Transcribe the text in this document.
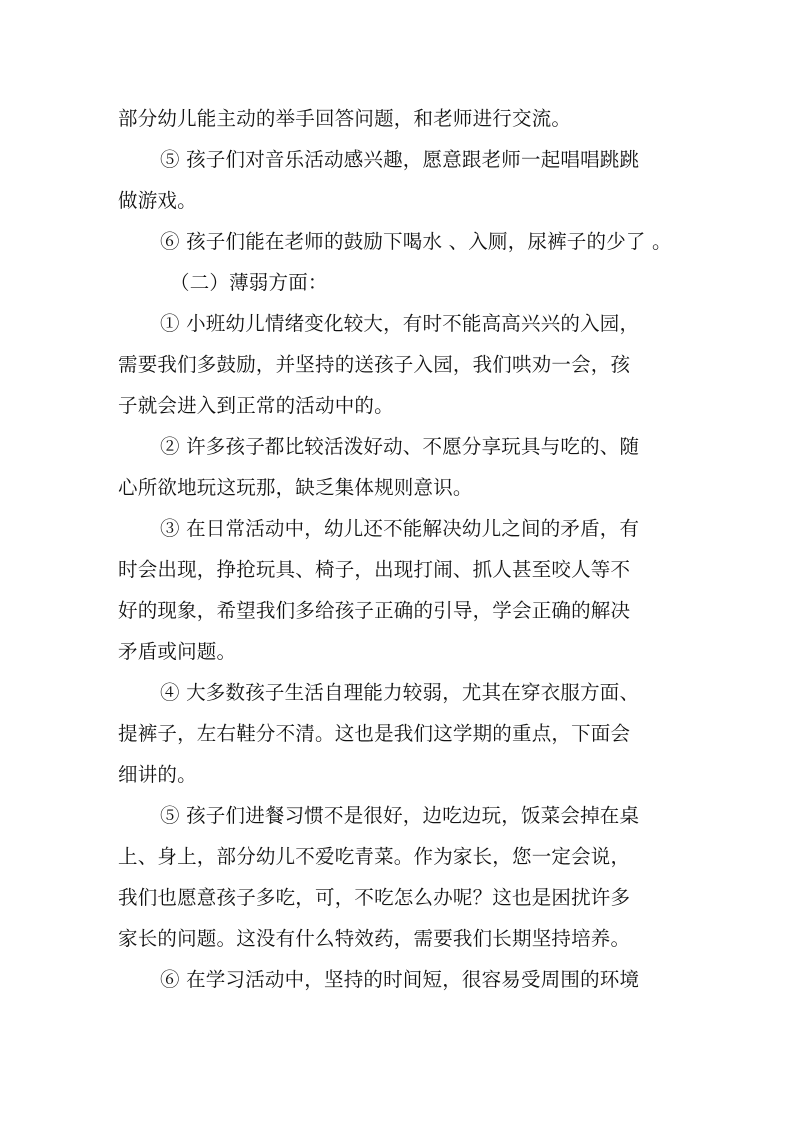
部分幼儿能主动的举手回答问题，和老师进行交流。
⑤ 孩子们对音乐活动感兴趣，愿意跟老师一起唱唱跳跳
做游戏。
⑥ 孩子们能在老师的鼓励下喝水 、入厕，尿裤子的少了 。
（二）薄弱方面：
① 小班幼儿情绪变化较大，有时不能高高兴兴的入园，
需要我们多鼓励，并坚持的送孩子入园，我们哄劝一会，孩
子就会进入到正常的活动中的。
② 许多孩子都比较活泼好动、不愿分享玩具与吃的、随
心所欲地玩这玩那，缺乏集体规则意识。
③ 在日常活动中，幼儿还不能解决幼儿之间的矛盾，有
时会出现，挣抢玩具、椅子，出现打闹、抓人甚至咬人等不
好的现象，希望我们多给孩子正确的引导，学会正确的解决
矛盾或问题。
④ 大多数孩子生活自理能力较弱，尤其在穿衣服方面、
提裤子，左右鞋分不清。这也是我们这学期的重点，下面会
细讲的。
⑤ 孩子们进餐习惯不是很好，边吃边玩，饭菜会掉在桌
上、身上，部分幼儿不爱吃青菜。作为家长，您一定会说，
我们也愿意孩子多吃，可，不吃怎么办呢？这也是困扰许多
家长的问题。这没有什么特效药，需要我们长期坚持培养。
⑥ 在学习活动中，坚持的时间短，很容易受周围的环境
